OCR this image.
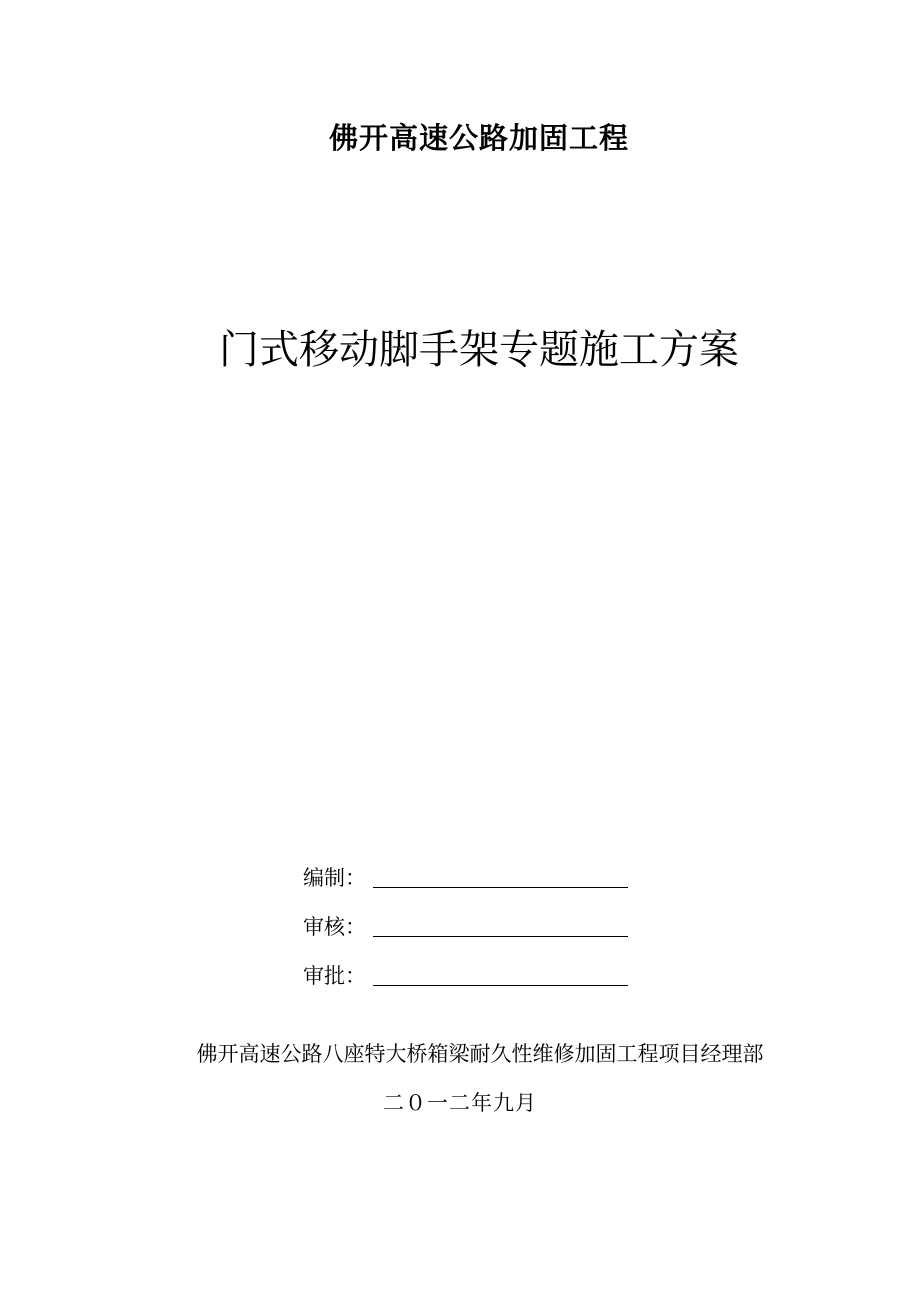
佛开高速公路加固工程
门式移动脚手架专题施工方案
编制：
审核：
审批：
佛开高速公路八座特大桥箱梁耐久性维修加固工程项目经理部
二０一二年九月
